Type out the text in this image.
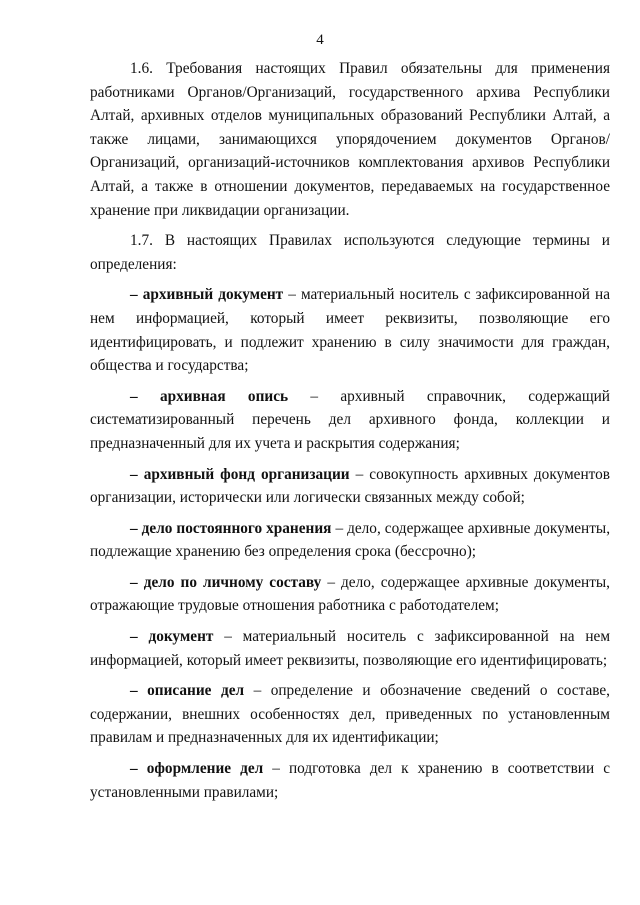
4

1.6. Требования настоящих Правил обязательны для применения работниками Органов/Организаций, государственного архива Республики Алтай, архивных отделов муниципальных образований Республики Алтай, а также лицами, занимающихся упорядочением документов Органов/Организаций, организаций-источников комплектования архивов Республики Алтай, а также в отношении документов, передаваемых на государственное хранение при ликвидации организации.

1.7. В настоящих Правилах используются следующие термины и определения:

– архивный документ – материальный носитель с зафиксированной на нем информацией, который имеет реквизиты, позволяющие его идентифицировать, и подлежит хранению в силу значимости для граждан, общества и государства;

– архивная опись – архивный справочник, содержащий систематизированный перечень дел архивного фонда, коллекции и предназначенный для их учета и раскрытия содержания;

– архивный фонд организации – совокупность архивных документов организации, исторически или логически связанных между собой;

– дело постоянного хранения – дело, содержащее архивные документы, подлежащие хранению без определения срока (бессрочно);

– дело по личному составу – дело, содержащее архивные документы, отражающие трудовые отношения работника с работодателем;

– документ – материальный носитель с зафиксированной на нем информацией, который имеет реквизиты, позволяющие его идентифицировать;

– описание дел – определение и обозначение сведений о составе, содержании, внешних особенностях дел, приведенных по установленным правилам и предназначенных для их идентификации;

– оформление дел – подготовка дел к хранению в соответствии с установленными правилами;
